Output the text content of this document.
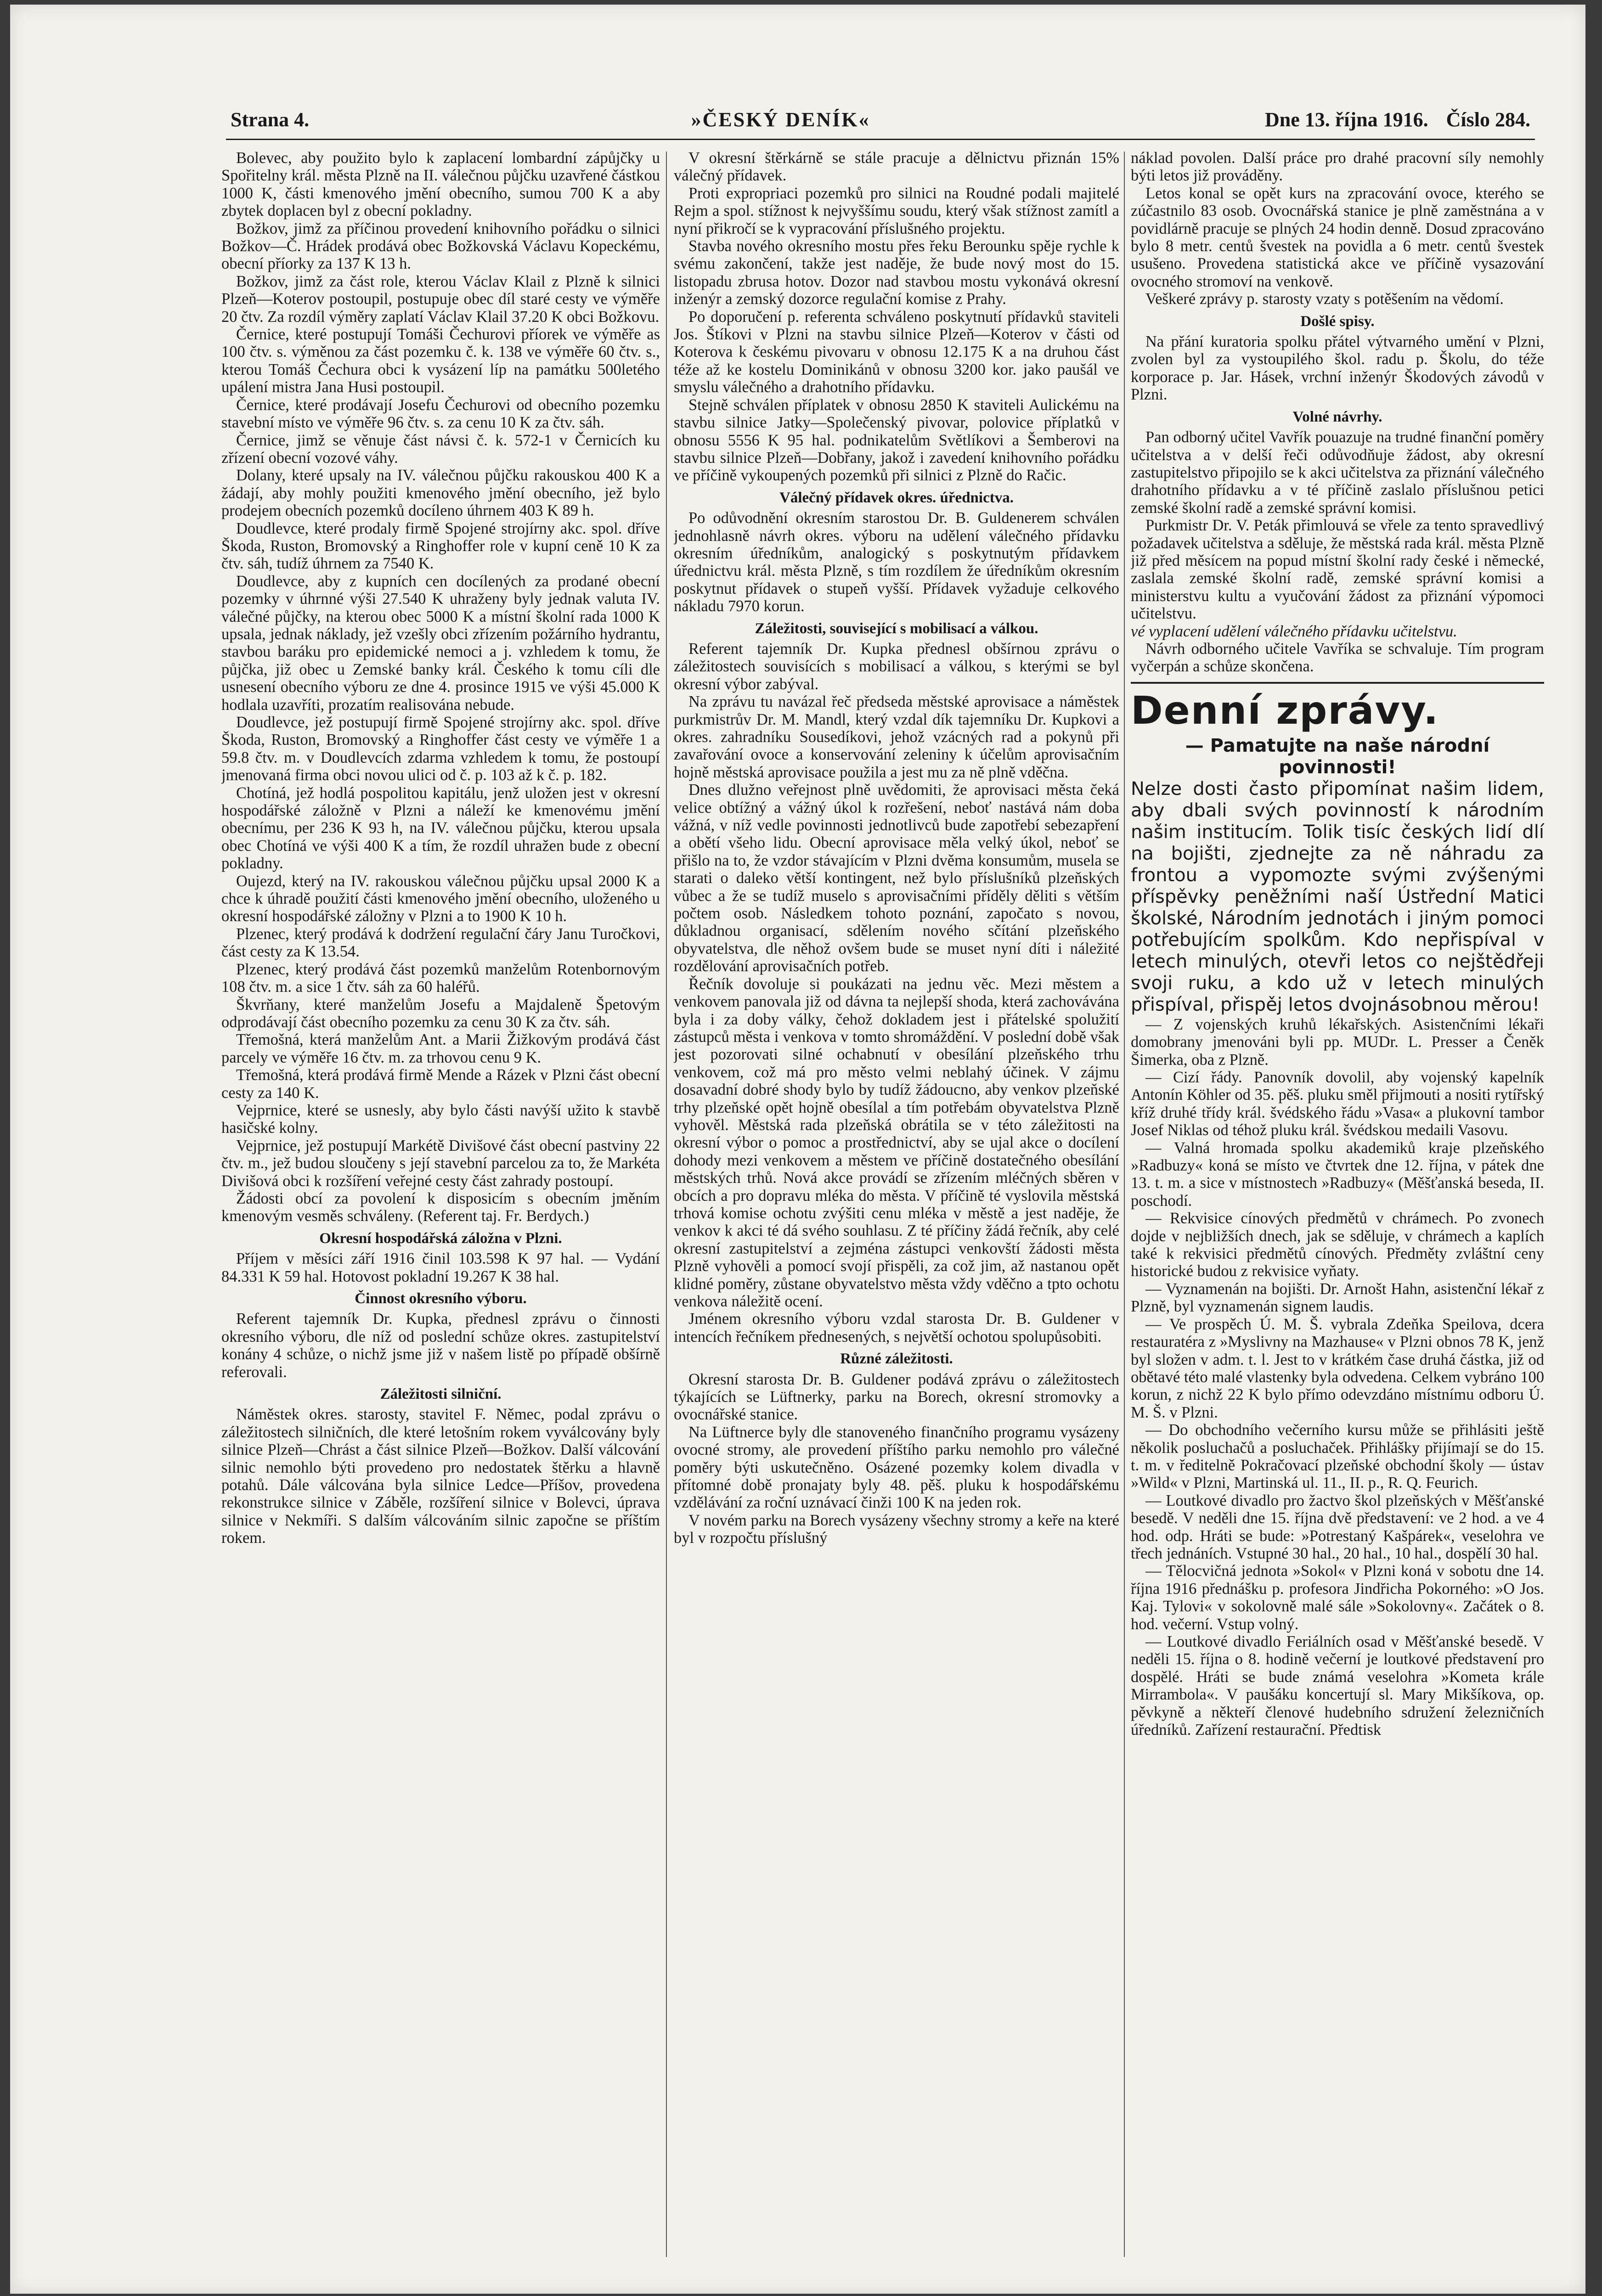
Strana 4.	»ČESKÝ DENÍK«	Dne 13. října 1916. Číslo 284.

Bolevec, aby použito bylo k zaplacení lombardní zápůjčky u Spořitelny král. města Plzně na II. válečnou půjčku uzavřené částkou 1000 K, části kmenového jmění obecního, sumou 700 K a aby zbytek doplacen byl z obecní pokladny.

Božkov, jimž za příčinou provedení knihovního pořádku o silnici Božkov—Č. Hrádek prodává obec Božkovská Václavu Kopeckému, obecní příorky za 137 K 13 h.

Božkov, jimž za část role, kterou Václav Klail z Plzně k silnici Plzeň—Koterov postoupil, postupuje obec díl staré cesty ve výměře 20 čtv. Za rozdíl výměry zaplatí Václav Klail 37.20 K obci Božkovu.

Černice, které postupují Tomáši Čechurovi příorek ve výměře as 100 čtv. s. výměnou za část pozemku č. k. 138 ve výměře 60 čtv. s., kterou Tomáš Čechura obci k vysázení líp na památku 500letého upálení mistra Jana Husi postoupil.

Černice, které prodávají Josefu Čechurovi od obecního pozemku stavební místo ve výměře 96 čtv. s. za cenu 10 K za čtv. sáh.

Černice, jimž se věnuje část návsi č. k. 572-1 v Černicích ku zřízení obecní vozové váhy.

Dolany, které upsaly na IV. válečnou půjčku rakouskou 400 K a žádají, aby mohly použiti kmenového jmění obecního, jež bylo prodejem obecních pozemků docíleno úhrnem 403 K 89 h.

Doudlevce, které prodaly firmě Spojené strojírny akc. spol. dříve Škoda, Ruston, Bromovský a Ringhoffer role v kupní ceně 10 K za čtv. sáh, tudíž úhrnem za 7540 K.

Doudlevce, aby z kupních cen docílených za prodané obecní pozemky v úhrnné výši 27.540 K uhraženy byly jednak valuta IV. válečné půjčky, na kterou obec 5000 K a místní školní rada 1000 K upsala, jednak náklady, jež vzešly obci zřízením požárního hydrantu, stavbou baráku pro epidemické nemoci a j. vzhledem k tomu, že půjčka, již obec u Zemské banky král. Českého k tomu cíli dle usnesení obecního výboru ze dne 4. prosince 1915 ve výši 45.000 K hodlala uzavříti, prozatím realisována nebude.

Doudlevce, jež postupují firmě Spojené strojírny akc. spol. dříve Škoda, Ruston, Bromovský a Ringhoffer část cesty ve výměře 1 a 59.8 čtv. m. v Doudlevcích zdarma vzhledem k tomu, že postoupí jmenovaná firma obci novou ulici od č. p. 103 až k č. p. 182.

Chotíná, jež hodlá pospolitou kapitálu, jenž uložen jest v okresní hospodářské záložně v Plzni a náleží ke kmenovému jmění obecnímu, per 236 K 93 h, na IV. válečnou půjčku, kterou upsala obec Chotíná ve výši 400 K a tím, že rozdíl uhražen bude z obecní pokladny.

Oujezd, který na IV. rakouskou válečnou půjčku upsal 2000 K a chce k úhradě použití části kmenového jmění obecního, uloženého u okresní hospodářské záložny v Plzni a to 1900 K 10 h.

Plzenec, který prodává k dodržení regulační čáry Janu Turočkovi, část cesty za K 13.54.

Plzenec, který prodává část pozemků manželům Rotenbornovým 108 čtv. m. a sice 1 čtv. sáh za 60 haléřů.

Škvrňany, které manželům Josefu a Majdaleně Špetovým odprodávají část obecního pozemku za cenu 30 K za čtv. sáh.

Třemošná, která manželům Ant. a Marii Žižkovým prodává část parcely ve výměře 16 čtv. m. za trhovou cenu 9 K.

Třemošná, která prodává firmě Mende a Rázek v Plzni část obecní cesty za 140 K.

Vejprnice, které se usnesly, aby bylo části navýší užito k stavbě hasičské kolny.

Vejprnice, jež postupují Markétě Divišové část obecní pastviny 22 čtv. m., jež budou sloučeny s její stavební parcelou za to, že Markéta Divišová obci k rozšíření veřejné cesty část zahrady postoupí.

Žádosti obcí za povolení k disposicím s obecním jměním kmenovým vesměs schváleny. (Referent taj. Fr. Berdych.)

Okresní hospodářská záložna v Plzni.

Příjem v měsíci září 1916 činil 103.598 K 97 hal. — Vydání 84.331 K 59 hal. Hotovost pokladní 19.267 K 38 hal.

Činnost okresního výboru.

Referent tajemník Dr. Kupka, přednesl zprávu o činnosti okresního výboru, dle níž od poslední schůze okres. zastupitelství konány 4 schůze, o nichž jsme již v našem listě po případě obšírně referovali.

Záležitosti silniční.

Náměstek okres. starosty, stavitel F. Němec, podal zprávu o záležitostech silničních, dle které letošním rokem vyválcovány byly silnice Plzeň—Chrást a část silnice Plzeň—Božkov. Další válcování silnic nemohlo býti provedeno pro nedostatek štěrku a hlavně potahů. Dále válcována byla silnice Ledce—Příšov, provedena rekonstrukce silnice v Záběle, rozšíření silnice v Bolevci, úprava silnice v Nekmíři. S dalším válcováním silnic započne se příštím rokem.

V okresní štěrkárně se stále pracuje a dělnictvu přiznán 15% válečný přídavek.

Proti expropriaci pozemků pro silnici na Roudné podali majitelé Rejm a spol. stížnost k nejvyššímu soudu, který však stížnost zamítl a nyní přikročí se k vypracování příslušného projektu.

Stavba nového okresního mostu přes řeku Berounku spěje rychle k svému zakončení, takže jest naděje, že bude nový most do 15. listopadu zbrusa hotov. Dozor nad stavbou mostu vykonává okresní inženýr a zemský dozorce regulační komise z Prahy.

Po doporučení p. referenta schváleno poskytnutí přídavků staviteli Jos. Štíkovi v Plzni na stavbu silnice Plzeň—Koterov v části od Koterova k českému pivovaru v obnosu 12.175 K a na druhou část téže až ke kostelu Dominikánů v obnosu 3200 kor. jako paušál ve smyslu válečného a drahotního přídavku.

Stejně schválen příplatek v obnosu 2850 K staviteli Aulickému na stavbu silnice Jatky—Společenský pivovar, polovice příplatků v obnosu 5556 K 95 hal. podnikatelům Světlíkovi a Šemberovi na stavbu silnice Plzeň—Dobřany, jakož i zavedení knihovního pořádku ve příčině vykoupených pozemků při silnici z Plzně do Račic.

Válečný přídavek okres. úřednictva.

Po odůvodnění okresním starostou Dr. B. Guldenerem schválen jednohlasně návrh okres. výboru na udělení válečného přídavku okresním úředníkům, analogický s poskytnutým přídavkem úřednictvu král. města Plzně, s tím rozdílem že úředníkům okresním poskytnut přídavek o stupeň vyšší. Přídavek vyžaduje celkového nákladu 7970 korun.

Záležitosti, související s mobilisací a válkou.

Referent tajemník Dr. Kupka přednesl obšírnou zprávu o záležitostech souvisících s mobilisací a válkou, s kterými se byl okresní výbor zabýval.

Na zprávu tu navázal řeč předseda městské aprovisace a náměstek purkmistrův Dr. M. Mandl, který vzdal dík tajemníku Dr. Kupkovi a okres. zahradníku Sousedíkovi, jehož vzácných rad a pokynů při zavařování ovoce a konservování zeleniny k účelům aprovisačním hojně městská aprovisace použila a jest mu za ně plně vděčna.

Dnes dlužno veřejnost plně uvědomiti, že aprovisaci města čeká velice obtížný a vážný úkol k rozřešení, neboť nastává nám doba vážná, v níž vedle povinnosti jednotlivců bude zapotřebí sebezapření a obětí všeho lidu. Obecní aprovisace měla velký úkol, neboť se přišlo na to, že vzdor stávajícím v Plzni dvěma konsumům, musela se starati o daleko větší kontingent, než bylo příslušníků plzeňských vůbec a že se tudíž muselo s aprovisačními příděly děliti s větším počtem osob. Následkem tohoto poznání, započato s novou, důkladnou organisací, sdělením nového sčítání plzeňského obyvatelstva, dle něhož ovšem bude se muset nyní díti i náležité rozdělování aprovisačních potřeb.

Řečník dovoluje si poukázati na jednu věc. Mezi městem a venkovem panovala již od dávna ta nejlepší shoda, která zachovávána byla i za doby války, čehož dokladem jest i přátelské spolužití zástupců města i venkova v tomto shromáždění. V poslední době však jest pozorovati silné ochabnutí v obesílání plzeňského trhu venkovem, což má pro město velmi neblahý účinek. V zájmu dosavadní dobré shody bylo by tudíž žádoucno, aby venkov plzeňské trhy plzeňské opět hojně obesílal a tím potřebám obyvatelstva Plzně vyhověl. Městská rada plzeňská obrátila se v této záležitosti na okresní výbor o pomoc a prostřednictví, aby se ujal akce o docílení dohody mezi venkovem a městem ve příčině dostatečného obesílání městských trhů. Nová akce provádí se zřízením mléčných sběren v obcích a pro dopravu mléka do města. V příčině té vyslovila městská trhová komise ochotu zvýšiti cenu mléka v městě a jest naděje, že venkov k akci té dá svého souhlasu. Z té příčiny žádá řečník, aby celé okresní zastupitelství a zejména zástupci venkovští žádosti města Plzně vyhověli a pomocí svojí přispěli, za což jim, až nastanou opět klidné poměry, zůstane obyvatelstvo města vždy vděčno a tpto ochotu venkova náležitě ocení.

Jménem okresního výboru vzdal starosta Dr. B. Guldener v intencích řečníkem přednesených, s největší ochotou spolupůsobiti.

Různé záležitosti.

Okresní starosta Dr. B. Guldener podává zprávu o záležitostech týkajících se Lüftnerky, parku na Borech, okresní stromovky a ovocnářské stanice.

Na Lüftnerce byly dle stanoveného finančního programu vysázeny ovocné stromy, ale provedení příštího parku nemohlo pro válečné poměry býti uskutečněno. Osázené pozemky kolem divadla v přítomné době pronajaty byly 48. pěš. pluku k hospodářskému vzdělávání za roční uznávací činži 100 K na jeden rok.

V novém parku na Borech vysázeny všechny stromy a keře na které byl v rozpočtu příslušný

náklad povolen. Další práce pro drahé pracovní síly nemohly býti letos již prováděny.

Letos konal se opět kurs na zpracování ovoce, kterého se zúčastnilo 83 osob. Ovocnářská stanice je plně zaměstnána a v povidlárně pracuje se plných 24 hodin denně. Dosud zpracováno bylo 8 metr. centů švestek na povidla a 6 metr. centů švestek usušeno. Provedena statistická akce ve příčině vysazování ovocného stromoví na venkově.

Veškeré zprávy p. starosty vzaty s potěšením na vědomí.

Došlé spisy.

Na přání kuratoria spolku přátel výtvarného umění v Plzni, zvolen byl za vystoupilého škol. radu p. Školu, do téže korporace p. Jar. Hásek, vrchní inženýr Škodových závodů v Plzni.

Volné návrhy.

Pan odborný učitel Vavřík pouazuje na trudné finanční poměry učitelstva a v delší řeči odůvodňuje žádost, aby okresní zastupitelstvo připojilo se k akci učitelstva za přiznání válečného drahotního přídavku a v té příčině zaslalo příslušnou petici zemské školní radě a zemské správní komisi.

Purkmistr Dr. V. Peták přimlouvá se vřele za tento spravedlivý požadavek učitelstva a sděluje, že městská rada král. města Plzně již před měsícem na popud místní školní rady české i německé, zaslala zemské školní radě, zemské správní komisi a ministerstvu kultu a vyučování žádost za přiznání výpomoci učitelstvu.

vé vyplacení udělení válečného přídavku učitelstvu.

Návrh odborného učitele Vavříka se schvaluje. Tím program vyčerpán a schůze skončena.

Denní zprávy.

— Pamatujte na naše národní povinnosti!

Nelze dosti často připomínat našim lidem, aby dbali svých povinností k národním našim institucím. Tolik tisíc českých lidí dlí na bojišti, zjednejte za ně náhradu za frontou a vypomozte svými zvýšenými příspěvky peněžními naší Ústřední Matici školské, Národním jednotách i jiným pomoci potřebujícím spolkům. Kdo nepřispíval v letech minulých, otevři letos co nejštědřeji svoji ruku, a kdo už v letech minulých přispíval, přispěj letos dvojnásobnou měrou!

— Z vojenských kruhů lékařských. Asistenčními lékaři domobrany jmenováni byli pp. MUDr. L. Presser a Čeněk Šimerka, oba z Plzně.

— Cizí řády. Panovník dovolil, aby vojenský kapelník Antonín Köhler od 35. pěš. pluku směl přijmouti a nositi rytířský kříž druhé třídy král. švédského řádu »Vasa« a plukovní tambor Josef Niklas od téhož pluku král. švédskou medaili Vasovu.

— Valná hromada spolku akademiků kraje plzeňského »Radbuzy« koná se místo ve čtvrtek dne 12. října, v pátek dne 13. t. m. a sice v místnostech »Radbuzy« (Měšťanská beseda, II. poschodí.

— Rekvisice cínových předmětů v chrámech. Po zvonech dojde v nejbližších dnech, jak se sděluje, v chrámech a kaplích také k rekvisici předmětů cínových. Předměty zvláštní ceny historické budou z rekvisice vyňaty.

— Vyznamenán na bojišti. Dr. Arnošt Hahn, asistenční lékař z Plzně, byl vyznamenán signem laudis.

— Ve prospěch Ú. M. Š. vybrala Zdeňka Speilova, dcera restauratéra z »Myslivny na Mazhause« v Plzni obnos 78 K, jenž byl složen v adm. t. l. Jest to v krátkém čase druhá částka, již od obětavé této malé vlastenky byla odvedena. Celkem vybráno 100 korun, z nichž 22 K bylo přímo odevzdáno místnímu odboru Ú. M. Š. v Plzni.

— Do obchodního večerního kursu může se přihlásiti ještě několik posluchačů a posluchaček. Přihlášky přijímají se do 15. t. m. v ředitelně Pokračovací plzeňské obchodní školy — ústav »Wild« v Plzni, Martinská ul. 11., II. p., R. Q. Feurich.

— Loutkové divadlo pro žactvo škol plzeňských v Měšťanské besedě. V neděli dne 15. října dvě představení: ve 2 hod. a ve 4 hod. odp. Hráti se bude: »Potrestaný Kašpárek«, veselohra ve třech jednáních. Vstupné 30 hal., 20 hal., 10 hal., dospělí 30 hal.

— Tělocvičná jednota »Sokol« v Plzni koná v sobotu dne 14. října 1916 přednášku p. profesora Jindřicha Pokorného: »O Jos. Kaj. Tylovi« v sokolovně malé sále »Sokolovny«. Začátek o 8. hod. večerní. Vstup volný.

— Loutkové divadlo Feriálních osad v Měšťanské besedě. V neděli 15. října o 8. hodině večerní je loutkové představení pro dospělé. Hráti se bude známá veselohra »Kometa krále Mirrambola«. V paušáku koncertují sl. Mary Mikšíkova, op. pěvkyně a někteří členové hudebního sdružení železničních úředníků. Zařízení restaurační. Předtisk
